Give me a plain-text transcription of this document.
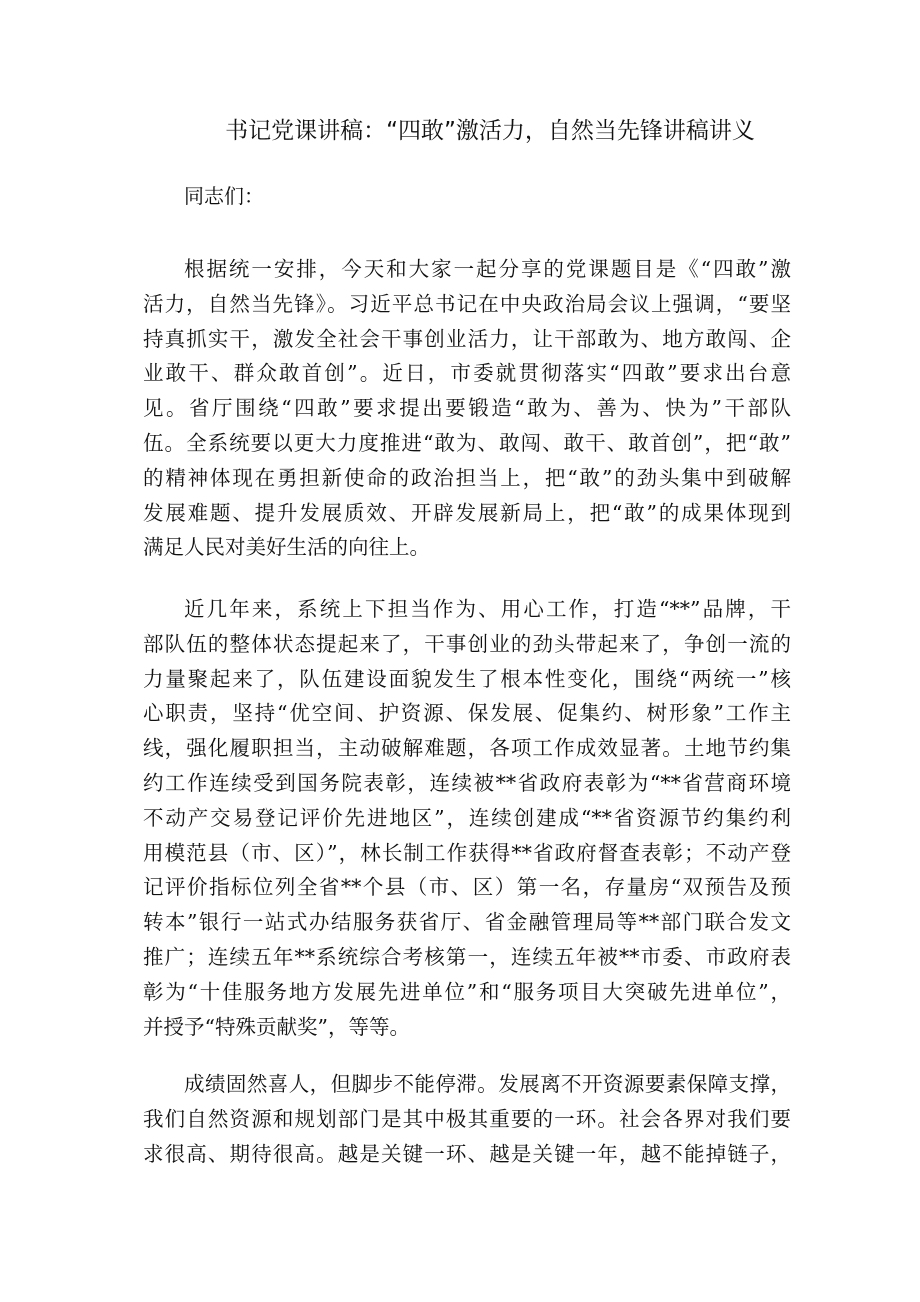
书记党课讲稿：“四敢”激活力，自然当先锋讲稿讲义
同志们：
根据统一安排，今天和大家一起分享的党课题目是《“四敢”激
活力，自然当先锋》。习近平总书记在中央政治局会议上强调，“要坚
持真抓实干，激发全社会干事创业活力，让干部敢为、地方敢闯、企
业敢干、群众敢首创”。近日，市委就贯彻落实“四敢”要求出台意
见。省厅围绕“四敢”要求提出要锻造“敢为、善为、快为”干部队
伍。全系统要以更大力度推进“敢为、敢闯、敢干、敢首创”，把“敢”
的精神体现在勇担新使命的政治担当上，把“敢”的劲头集中到破解
发展难题、提升发展质效、开辟发展新局上，把“敢”的成果体现到
满足人民对美好生活的向往上。
近几年来，系统上下担当作为、用心工作，打造“**”品牌，干
部队伍的整体状态提起来了，干事创业的劲头带起来了，争创一流的
力量聚起来了，队伍建设面貌发生了根本性变化，围绕“两统一”核
心职责，坚持“优空间、护资源、保发展、促集约、树形象”工作主
线，强化履职担当，主动破解难题，各项工作成效显著。土地节约集
约工作连续受到国务院表彰，连续被**省政府表彰为“**省营商环境
不动产交易登记评价先进地区”，连续创建成“**省资源节约集约利
用模范县（市、区）”，林长制工作获得**省政府督查表彰；不动产登
记评价指标位列全省**个县（市、区）第一名，存量房“双预告及预
转本”银行一站式办结服务获省厅、省金融管理局等**部门联合发文
推广；连续五年**系统综合考核第一，连续五年被**市委、市政府表
彰为“十佳服务地方发展先进单位”和“服务项目大突破先进单位”，
并授予“特殊贡献奖”，等等。
成绩固然喜人，但脚步不能停滞。发展离不开资源要素保障支撑，
我们自然资源和规划部门是其中极其重要的一环。社会各界对我们要
求很高、期待很高。越是关键一环、越是关键一年，越不能掉链子，
